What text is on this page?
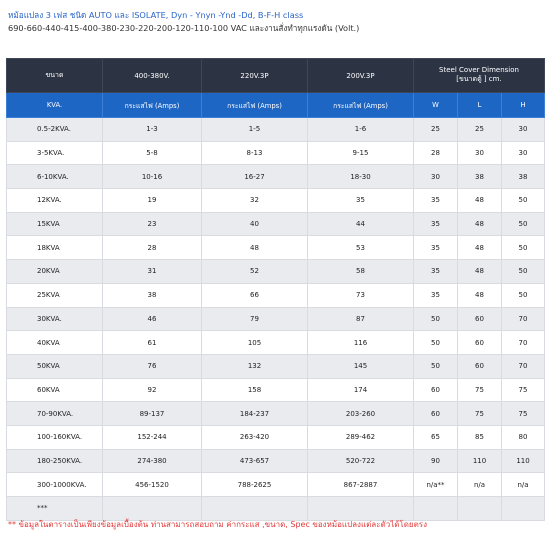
หม้อแปลง 3 เฟส ชนิด AUTO และ ISOLATE, Dyn - Ynyn -Ynd -Dd, B-F-H class
690-660-440-415-400-380-230-220-200-120-110-100 VAC และงานสั่งทำทุกแรงดัน (Volt.)
ขนาด	400-380V.	220V.3P	200V.3P	Steel Cover Dimension
[ขนาดตู้ ] cm.		

KVA.	กระแสไฟ (Amps)	กระแสไฟ (Amps)	กระแสไฟ (Amps)	W	L	H
0.5-2KVA.	1-3	1-5	1-6	25	25	30
3-5KVA.	5-8	8-13	9-15	28	30	30
6-10KVA.	10-16	16-27	18-30	30	38	38
12KVA.	19	32	35	35	48	50
15KVA	23	40	44	35	48	50
18KVA	28	48	53	35	48	50
20KVA	31	52	58	35	48	50
25KVA	38	66	73	35	48	50
30KVA.	46	79	87	50	60	70
40KVA	61	105	116	50	60	70
50KVA	76	132	145	50	60	70
60KVA	92	158	174	60	75	75
70-90KVA.	89-137	184-237	203-260	60	75	75
100-160KVA.	152-244	263-420	289-462	65	85	80
180-250KVA.	274-380	473-657	520-722	90	110	110
300-1000KVA.	456-1520	788-2625	867-2887	n/a**	n/a	n/a
***						
** ข้อมูลในตารางเป็นเพียงข้อมูลเบื้องต้น ท่านสามารถสอบถาม ค่ากระแส ,ขนาด, Spec ของหม้อแปลงแต่ละตัวได้โดยตรง
